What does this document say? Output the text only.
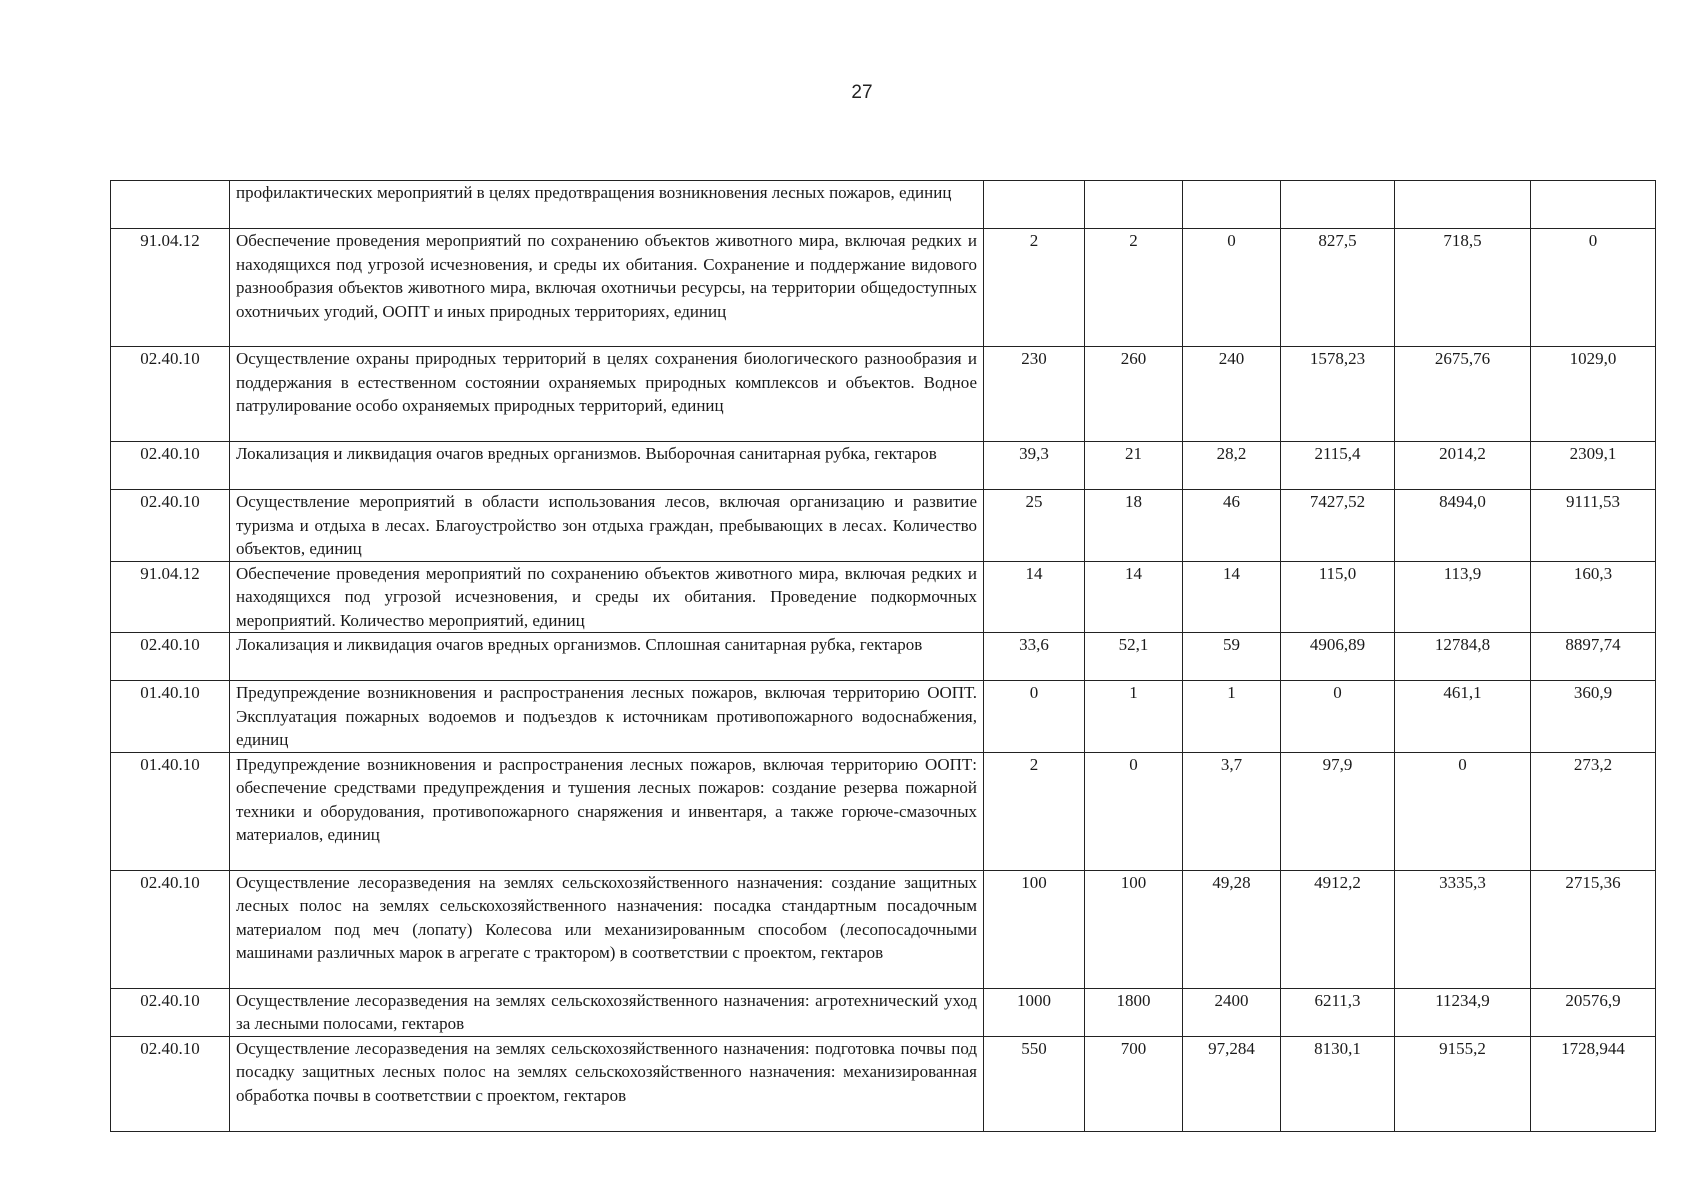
27
	профилактических мероприятий в целях предотвращения возникновения лесных пожаров, единиц						
91.04.12	Обеспечение проведения мероприятий по сохранению объектов животного мира, включая редких и находящихся под угрозой исчезновения, и среды их обитания. Сохранение и поддержание видового разнообразия объектов животного мира, включая охотничьи ресурсы, на территории общедоступных охотничьих угодий, ООПТ и иных природных территориях, единиц	2	2	0	827,5	718,5	0
02.40.10	Осуществление охраны природных территорий в целях сохранения биологического разнообразия и поддержания в естественном состоянии охраняемых природных комплексов и объектов. Водное патрулирование особо охраняемых природных территорий, единиц	230	260	240	1578,23	2675,76	1029,0
02.40.10	Локализация и ликвидация очагов вредных организмов. Выборочная санитарная рубка, гектаров	39,3	21	28,2	2115,4	2014,2	2309,1
02.40.10	Осуществление мероприятий в области использования лесов, включая организацию и развитие туризма и отдыха в лесах. Благоустройство зон отдыха граждан, пребывающих в лесах. Количество объектов, единиц	25	18	46	7427,52	8494,0	9111,53
91.04.12	Обеспечение проведения мероприятий по сохранению объектов животного мира, включая редких и находящихся под угрозой исчезновения, и среды их обитания. Проведение подкормочных мероприятий. Количество мероприятий, единиц	14	14	14	115,0	113,9	160,3
02.40.10	Локализация и ликвидация очагов вредных организмов. Сплошная санитарная рубка, гектаров	33,6	52,1	59	4906,89	12784,8	8897,74
01.40.10	Предупреждение возникновения и распространения лесных пожаров, включая территорию ООПТ. Эксплуатация пожарных водоемов и подъездов к источникам противопожарного водоснабжения, единиц	0	1	1	0	461,1	360,9
01.40.10	Предупреждение возникновения и распространения лесных пожаров, включая территорию ООПТ: обеспечение средствами предупреждения и тушения лесных пожаров: создание резерва пожарной техники и оборудования, противопожарного снаряжения и инвентаря, а также горюче-смазочных материалов, единиц	2	0	3,7	97,9	0	273,2
02.40.10	Осуществление лесоразведения на землях сельскохозяйственного назначения: создание защитных лесных полос на землях сельскохозяйственного назначения: посадка стандартным посадочным материалом под меч (лопату) Колесова или механизированным способом (лесопосадочными машинами различных марок в агрегате с трактором) в соответствии с проектом, гектаров	100	100	49,28	4912,2	3335,3	2715,36
02.40.10	Осуществление лесоразведения на землях сельскохозяйственного назначения: агротехнический уход за лесными полосами, гектаров	1000	1800	2400	6211,3	11234,9	20576,9
02.40.10	Осуществление лесоразведения на землях сельскохозяйственного назначения: подготовка почвы под посадку защитных лесных полос на землях сельскохозяйственного назначения: механизированная обработка почвы в соответствии с проектом, гектаров	550	700	97,284	8130,1	9155,2	1728,944
